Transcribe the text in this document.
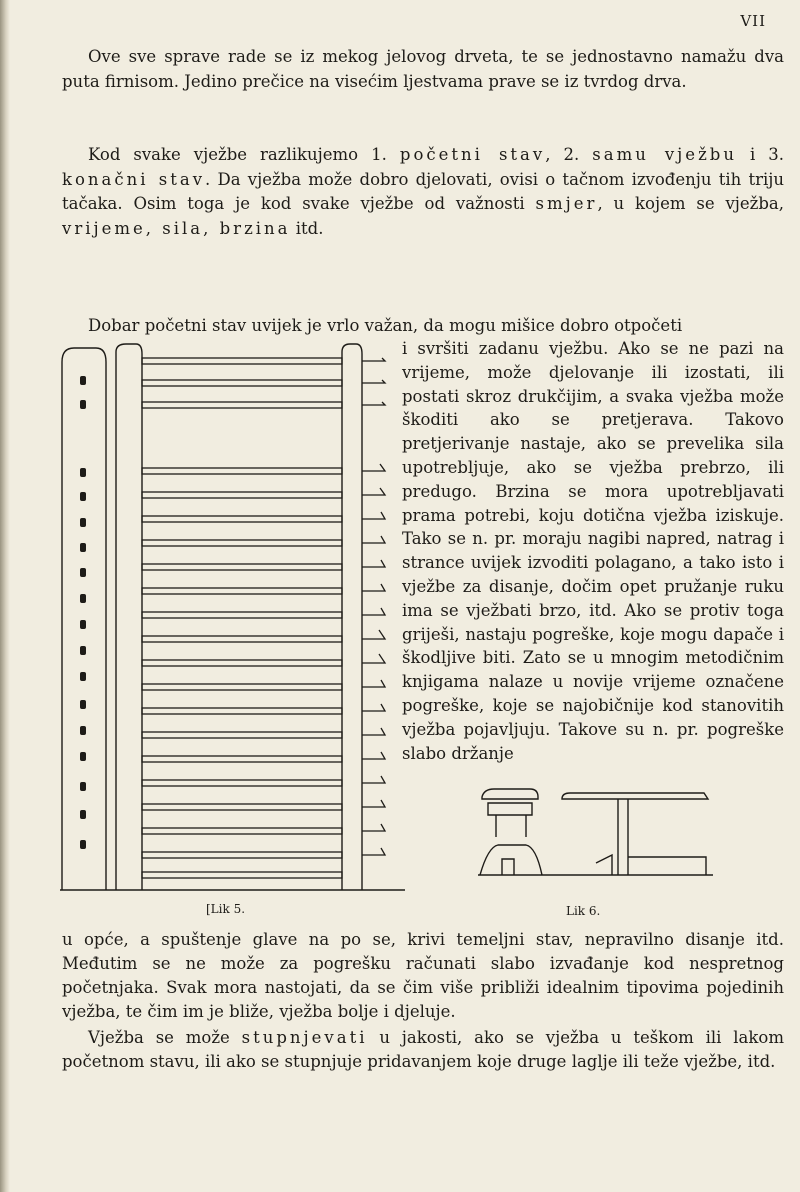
VII

Ove sve sprave rade se iz mekog jelovog drveta, te se jednostavno namažu dva puta firnisom. Jedino prečice na visećim ljestvama prave se iz tvrdog drva.

Kod svake vježbe razlikujemo 1. početni stav, 2. samu vježbu i 3. konačni stav. Da vježba može dobro djelovati, ovisi o tačnom izvođenju tih triju tačaka. Osim toga je kod svake vježbe od važnosti smjer, u kojem se vježba, vrijeme, sila, brzina itd.

Dobar početni stav uvijek je vrlo važan, da mogu mišice dobro otpočeti

i svršiti zadanu vježbu. Ako se ne pazi na vrijeme, može djelovanje ili izostati, ili postati skroz drukčijim, a svaka vježba može škoditi ako se pretjerava. Takovo pretjerivanje nastaje, ako se prevelika sila upotrebljuje, ako se vježba prebrzo, ili predugo. Brzina se mora upotrebljavati prama potrebi, koju dotična vježba iziskuje. Tako se n. pr. moraju nagibi napred, natrag i strance uvijek izvoditi polagano, a tako isto i vježbe za disanje, dočim opet pružanje ruku ima se vježbati brzo, itd. Ako se protiv toga griješi, nastaju pogreške, koje mogu dapače i škodljive biti. Zato se u mnogim metodičnim knjigama nalaze u novije vrijeme označene pogreške, koje se najobičnije kod stanovitih vježba pojavljuju. Takove su n. pr. pogreške slabo držanje

[Lik 5.	Lik 6.

u opće, a spuštenje glave na po se, krivi temeljni stav, nepravilno disanje itd. Međutim se ne može za pogrešku računati slabo izvađanje kod nespretnog početnjaka. Svak mora nastojati, da se čim više približi idealnim tipovima pojedinih vježba, te čim im je bliže, vježba bolje i djeluje.

Vježba se može stupnjevati u jakosti, ako se vježba u teškom ili lakom početnom stavu, ili ako se stupnjuje pridavanjem koje druge laglje ili teže vježbe, itd.
